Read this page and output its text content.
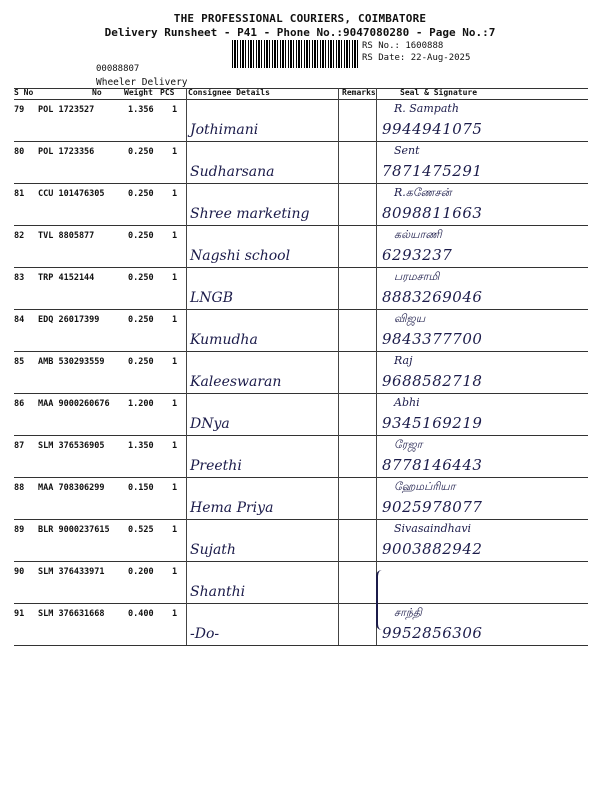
THE PROFESSIONAL COURIERS, COIMBATORE
Delivery Runsheet - P41 - Phone No.:9047080280 - Page No.:7
RS No.: 1600888
RS Date: 22-Aug-2025
00088807
Wheeler Delivery
S No	No	Weight PCS Consignee Details	Remarks	Seal & Signature
79 POL 1723527	1.356 1
Jothimani
R. Sampath
9944941075
80 POL 1723356	0.250 1
Sudharsana
Sent
7871475291
81 CCU 101476305	0.250 1
Shree marketing
R.கணேசன்
8098811663
82 TVL 8805877	0.250 1
Nagshi school
கல்யாணி
6293237
83 TRP 4152144	0.250 1
LNGB
பரமசாமி
8883269046
84 EDQ 26017399	0.250 1
Kumudha
விஜய
9843377700
85 AMB 530293559	0.250 1
Kaleeswaran
Raj
9688582718
86 MAA 9000260676 1.200 1
DNya
Abhi
9345169219
87 SLM 376536905	1.350 1
Preethi
ரேஜா
8778146443
88 MAA 708306299	0.150 1
Hema Priya
ஹேமப்ரியா
9025978077
89 BLR 9000237615 0.525 1
Sujath
Sivasaindhavi
9003882942
90 SLM 376433971	0.200 1
Shanthi
91 SLM 376631668	0.400 1
-Do-
சாந்தி
9952856306
